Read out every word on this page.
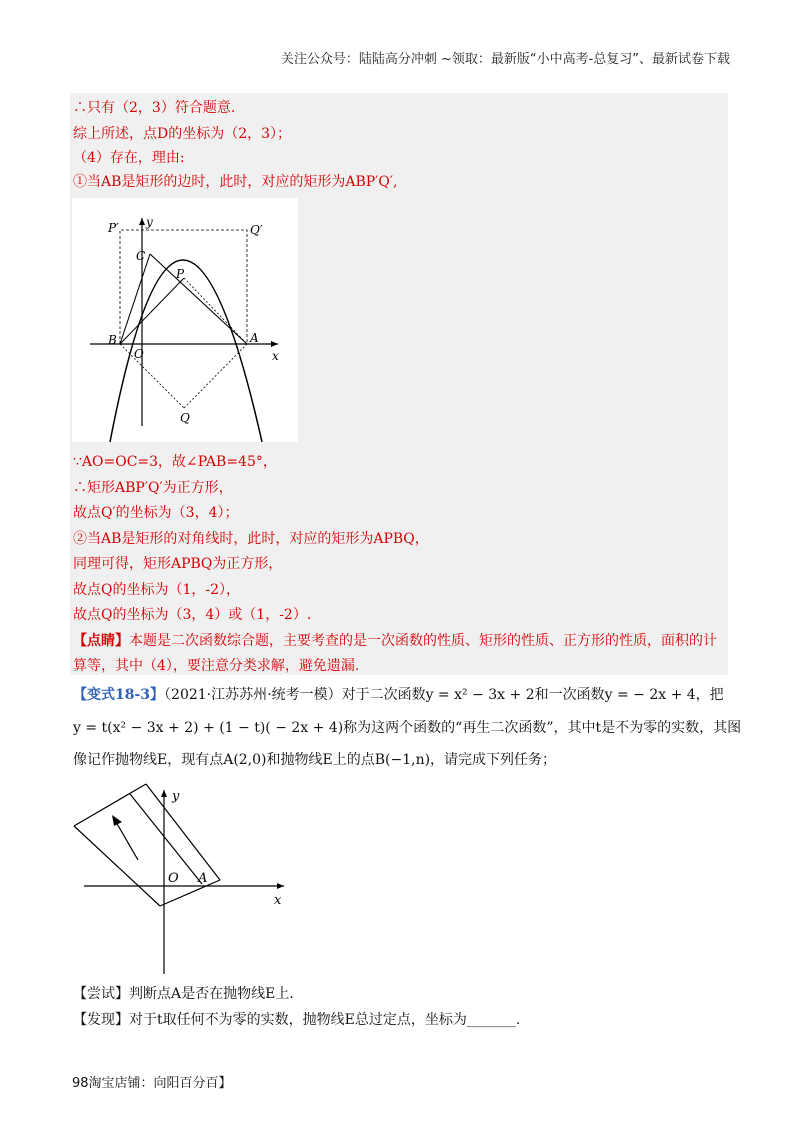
关注公众号：陆陆高分冲刺 ~领取：最新版“小中高考-总复习”、最新试卷下载
∴只有（2，3）符合题意.
综上所述，点D的坐标为（2，3）；
（4）存在，理由:
①当AB是矩形的边时，此时，对应的矩形为ABP′Q′,
P′ y
Q′
C
P
B
O
A
x
Q
∵AO=OC=3，故∠PAB=45°，
∴矩形ABP′Q′为正方形，
故点Q′的坐标为（3，4）；
②当AB是矩形的对角线时，此时，对应的矩形为APBQ，
同理可得，矩形APBQ为正方形，
故点Q的坐标为（1，-2），
故点Q的坐标为（3，4）或（1，-2）.
【点睛】本题是二次函数综合题，主要考查的是一次函数的性质、矩形的性质、正方形的性质，面积的计
算等，其中（4），要注意分类求解，避免遗漏.
【变式18-3】（2021·江苏苏州·统考一模）对于二次函数y = x² − 3x + 2和一次函数y = − 2x + 4，把
y = t(x² − 3x + 2) + (1 − t)( − 2x + 4)称为这两个函数的“再生二次函数”，其中t是不为零的实数，其图
像记作抛物线E，现有点A(2,0)和抛物线E上的点B(−1,n)，请完成下列任务；
y
O A
x
【尝试】判断点A是否在抛物线E上.
【发现】对于t取任何不为零的实数，抛物线E总过定点，坐标为_______.
98淘宝店铺：向阳百分百】
